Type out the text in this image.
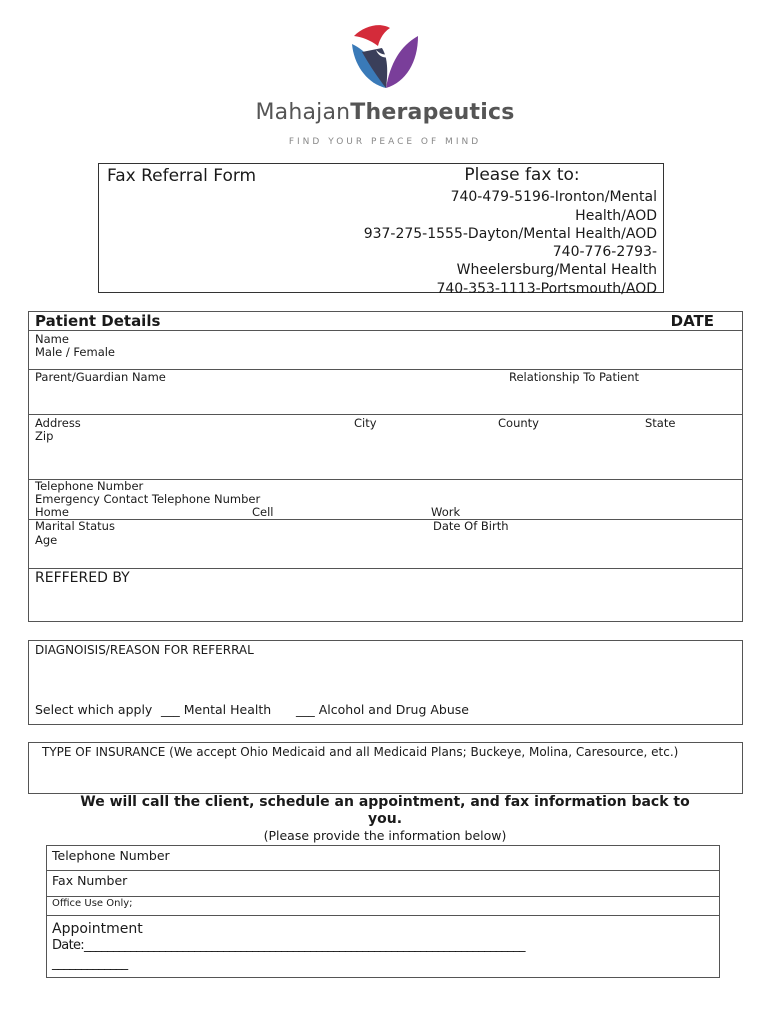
MahajanTherapeutics
FIND YOUR PEACE OF MIND
Fax Referral Form	Please fax to:
740-479-5196-Ironton/Mental
Health/AOD
937-275-1555-Dayton/Mental Health/AOD
740-776-2793-
Wheelersburg/Mental Health
740-353-1113-Portsmouth/AOD
Patient Details	DATE
Name
Male / Female
Parent/Guardian Name	Relationship To Patient
Address	City	County	State
Zip
Telephone Number
Emergency Contact Telephone Number
Home	Cell	Work
Marital Status	Date Of Birth
Age
REFFERED BY
DIAGNOISIS/REASON FOR REFERRAL
Select which apply ___ Mental Health ___ Alcohol and Drug Abuse
TYPE OF INSURANCE (We accept Ohio Medicaid and all Medicaid Plans; Buckeye, Molina, Caresource, etc.)
We will call the client, schedule an appointment, and fax information back to
you.
(Please provide the information below)
Telephone Number
Fax Number
Office Use Only;
Appointment
Date:____________________________________________________________________________
_____________
